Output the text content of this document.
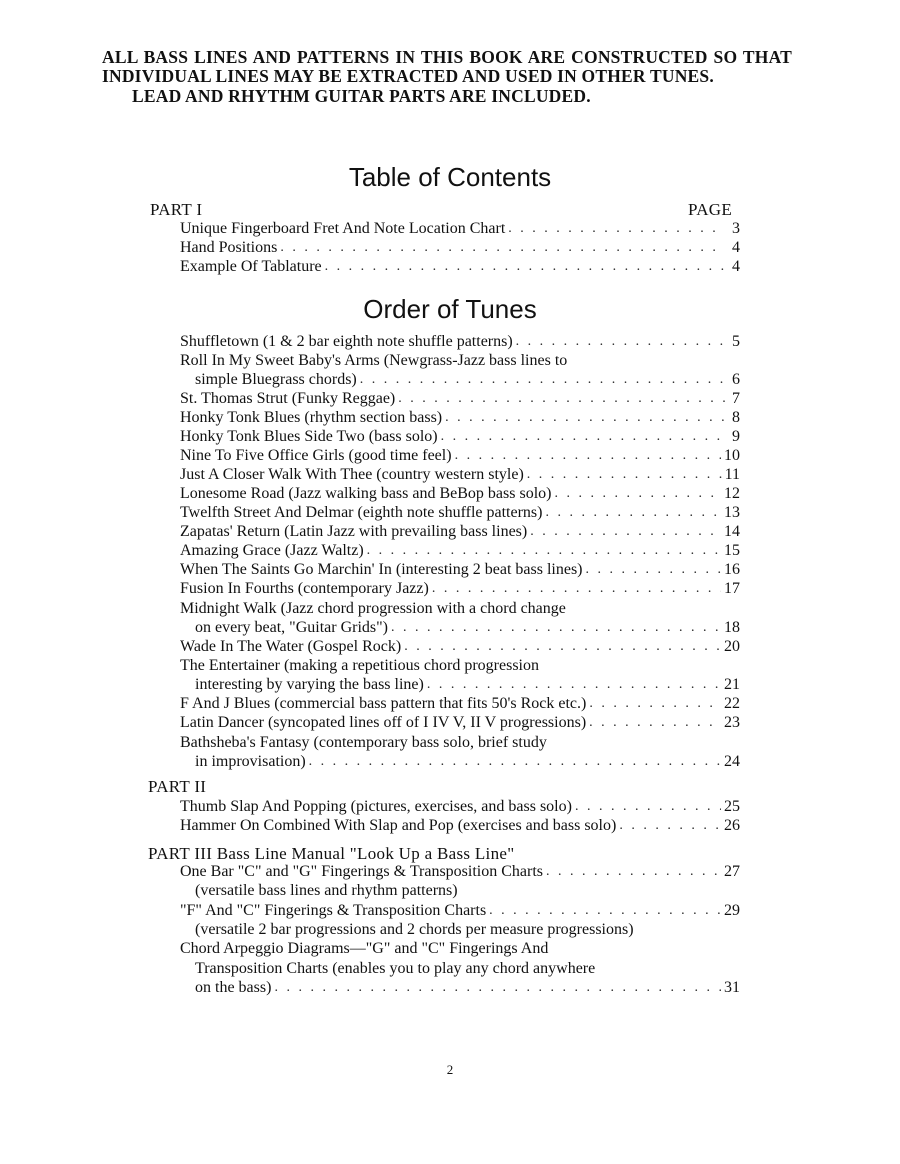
ALL BASS LINES AND PATTERNS IN THIS BOOK ARE CONSTRUCTED SO THAT INDIVIDUAL LINES MAY BE EXTRACTED AND USED IN OTHER TUNES.

LEAD AND RHYTHM GUITAR PARTS ARE INCLUDED.

Table of Contents
PART I	PAGE
Unique Fingerboard Fret And Note Location Chart . . .	3
Hand Positions . . .	4
Example Of Tablature . . .	4
Order of Tunes
Shuffletown (1 & 2 bar eighth note shuffle patterns) . . .	5
Roll In My Sweet Baby's Arms (Newgrass-Jazz bass lines to
simple Bluegrass chords) . . .	6
St. Thomas Strut (Funky Reggae) . . .	7
Honky Tonk Blues (rhythm section bass) . . .	8
Honky Tonk Blues Side Two (bass solo) . . .	9
Nine To Five Office Girls (good time feel) . . .	10
Just A Closer Walk With Thee (country western style) . . .	11
Lonesome Road (Jazz walking bass and BeBop bass solo) . . .	12
Twelfth Street And Delmar (eighth note shuffle patterns) . . .	13
Zapatas' Return (Latin Jazz with prevailing bass lines) . . .	14
Amazing Grace (Jazz Waltz) . . .	15
When The Saints Go Marchin' In (interesting 2 beat bass lines) . . .	16
Fusion In Fourths (contemporary Jazz) . . .	17
Midnight Walk (Jazz chord progression with a chord change
on every beat, "Guitar Grids") . . .	18
Wade In The Water (Gospel Rock) . . .	20
The Entertainer (making a repetitious chord progression
interesting by varying the bass line) . . .	21
F And J Blues (commercial bass pattern that fits 50's Rock etc.) . . .	22
Latin Dancer (syncopated lines off of I IV V, II V progressions) . . .	23
Bathsheba's Fantasy (contemporary bass solo, brief study
in improvisation) . . .	24
PART II
Thumb Slap And Popping (pictures, exercises, and bass solo) . . .	25
Hammer On Combined With Slap and Pop (exercises and bass solo) . . .	26
PART III Bass Line Manual "Look Up a Bass Line"
One Bar "C" and "G" Fingerings & Transposition Charts . . .	27
(versatile bass lines and rhythm patterns)
"F" And "C" Fingerings & Transposition Charts . . .	29
(versatile 2 bar progressions and 2 chords per measure progressions)
Chord Arpeggio Diagrams—"G" and "C" Fingerings And
Transposition Charts (enables you to play any chord anywhere
on the bass) . . .	31
2
